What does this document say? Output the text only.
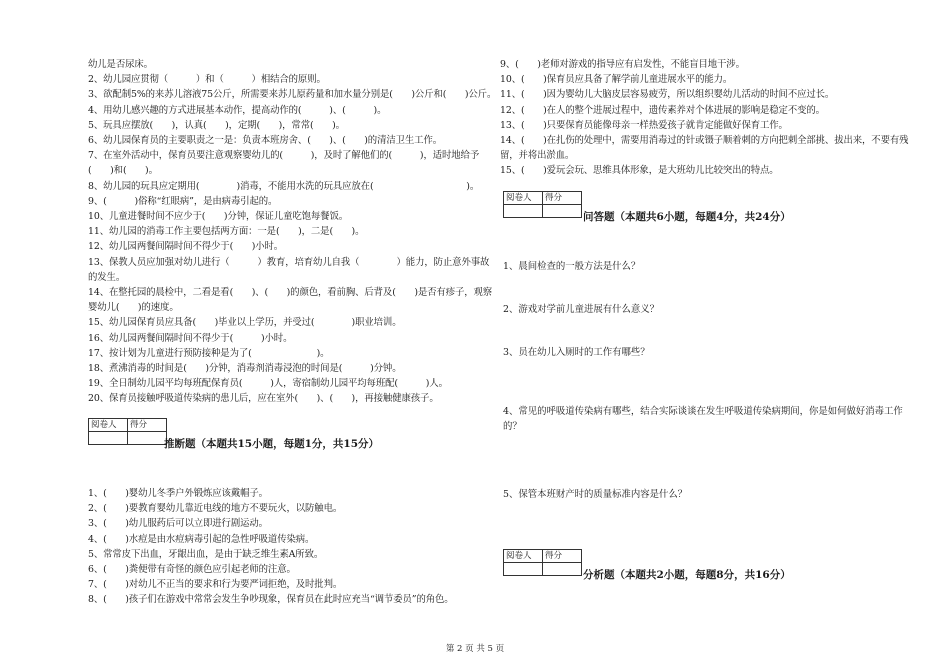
幼儿是否尿床。
2、幼儿园应贯彻（　　　）和（　　　）相结合的原则。
3、欲配制5%的来苏儿溶液75公斤，所需要来苏儿原药量和加水量分别是(　　)公斤和(　　)公斤。
4、用幼儿感兴趣的方式进展基本动作，提高动作的(　　　)、(　　　)。
5、玩具应摆放(　　)，认真(　　)，定期(　　)，常常(　　)。
6、幼儿园保育员的主要职责之一是：负责本班房舍、(　　)、(　　)的清洁卫生工作。
7、在室外活动中，保育员要注意观察婴幼儿的(　　　)，及时了解他们的(　　　)，适时地给予(　　)和(　　)。
8、幼儿园的玩具应定期用(　　　　)消毒，不能用水洗的玩具应放在(　　　　　　　　　　)。
9、(　　　)俗称“红眼病”，是由病毒引起的。
10、儿童进餐时间不应少于(　　)分钟，保证儿童吃饱每餐饭。
11、幼儿园的消毒工作主要包括两方面：一是(　　)，二是(　　)。
12、幼儿园两餐间隔时间不得少于(　　)小时。
13、保教人员应加强对幼儿进行（　　　）教育，培育幼儿自我（　　　　）能力，防止意外事故的发生。
14、在整托园的晨检中，二看是看(　　)、(　　)的颜色，看前胸、后背及(　　)是否有疹子，观察婴幼儿(　　)的速度。
15、幼儿园保育员应具备(　　)毕业以上学历，并受过(　　　　)职业培训。
16、幼儿园两餐间隔时间不得少于(　　　)小时。
17、按计划为儿童进行预防接种是为了(　　　　　　　)。
18、煮沸消毒的时间是(　　)分钟，消毒剂消毒浸泡的时间是(　　　)分钟。
19、全日制幼儿园平均每班配保育员(　　　)人，寄宿制幼儿园平均每班配(　　　)人。
20、保育员接触呼吸道传染病的患儿后，应在室外(　　)、(　　)，再接触健康孩子。
阅卷人	得分

推断题（本题共15小题，每题1分，共15分）
1、(　　)婴幼儿冬季户外锻炼应该戴帽子。
2、(　　)要教育婴幼儿靠近电线的地方不要玩火，以防触电。
3、(　　)幼儿服药后可以立即进行剧运动。
4、(　　)水痘是由水痘病毒引起的急性呼吸道传染病。
5、常常皮下出血，牙龈出血，是由于缺乏维生素A所致。
6、(　　)粪便带有奇怪的颜色应引起老师的注意。
7、(　　)对幼儿不正当的要求和行为要严词拒绝，及时批判。
8、(　　)孩子们在游戏中常常会发生争吵现象，保育员在此时应充当“调节委员”的角色。
9、(　　)老师对游戏的指导应有启发性，不能盲目地干涉。
10、(　　)保育员应具备了解学前儿童进展水平的能力。
11、(　　)因为婴幼儿大脑皮层容易疲劳，所以组织婴幼儿活动的时间不应过长。
12、(　　)在人的整个进展过程中，遗传素养对个体进展的影响是稳定不变的。
13、(　　)只要保育员能像母亲一样热爱孩子就肯定能做好保育工作。
14、(　　)在扎伤的处理中，需要用消毒过的针或镊子顺着刺的方向把刺全部挑、拔出来，不要有残留，并将出淤血。
15、(　　)爱玩会玩、思维具体形象，是大班幼儿比较突出的特点。
阅卷人	得分

问答题（本题共6小题，每题4分，共24分）
1、晨间检查的一般方法是什么？
2、游戏对学前儿童进展有什么意义？
3、员在幼儿入厕时的工作有哪些？
4、常见的呼吸道传染病有哪些，结合实际谈谈在发生呼吸道传染病期间，你是如何做好消毒工作的？
5、保管本班财产时的质量标准内容是什么？
阅卷人	得分

分析题（本题共2小题，每题8分，共16分）
第 2 页 共 5 页
